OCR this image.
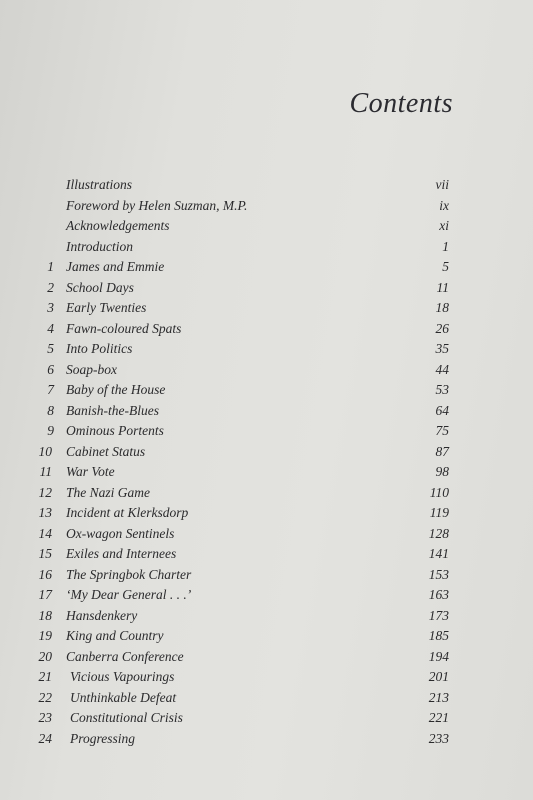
Contents
Illustrations	vii
Foreword by Helen Suzman, M.P.	ix
Acknowledgements	xi
Introduction	1
1 James and Emmie	5
2 School Days	11
3 Early Twenties	18
4 Fawn-coloured Spats	26
5 Into Politics	35
6 Soap-box	44
7 Baby of the House	53
8 Banish-the-Blues	64
9 Ominous Portents	75
10 Cabinet Status	87
11 War Vote	98
12 The Nazi Game	110
13 Incident at Klerksdorp	119
14 Ox-wagon Sentinels	128
15 Exiles and Internees	141
16 The Springbok Charter	153
17 ‘My Dear General . . .’	163
18 Hansdenkery	173
19 King and Country	185
20 Canberra Conference	194
21 Vicious Vapourings	201
22 Unthinkable Defeat	213
23 Constitutional Crisis	221
24 Progressing	233
